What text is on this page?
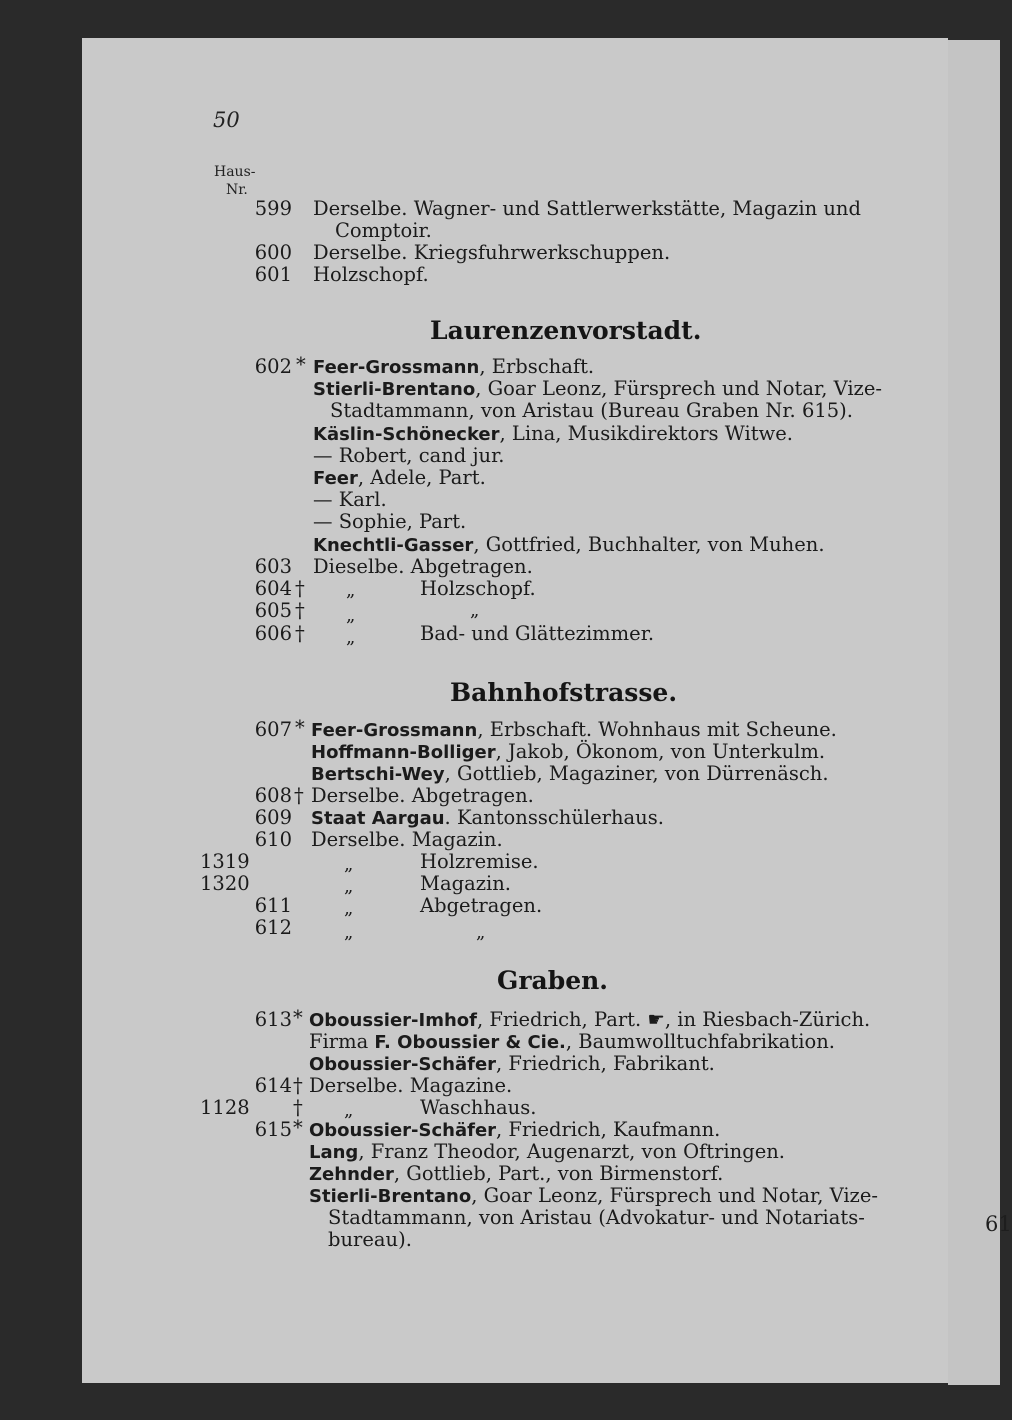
61
50
Haus-
Nr.
599 Derselbe. Wagner- und Sattlerwerkstätte, Magazin und
Comptoir.
600 Derselbe. Kriegsfuhrwerkschuppen.
601 Holzschopf.
Laurenzenvorstadt.
602 * Feer-Grossmann, Erbschaft.
Stierli-Brentano, Goar Leonz, Fürsprech und Notar, Vize-
Stadtammann, von Aristau (Bureau Graben Nr. 615).
Käslin-Schönecker, Lina, Musikdirektors Witwe.
— Robert, cand jur.
Feer, Adele, Part.
— Karl.
— Sophie, Part.
Knechtli-Gasser, Gottfried, Buchhalter, von Muhen.
603 Dieselbe. Abgetragen.
604 † „	Holzschopf.
605 † „	„
606 † „	Bad- und Glättezimmer.
Bahnhofstrasse.
607 * Feer-Grossmann, Erbschaft. Wohnhaus mit Scheune.
Hoffmann-Bolliger, Jakob, Ökonom, von Unterkulm.
Bertschi-Wey, Gottlieb, Magaziner, von Dürrenäsch.
608 † Derselbe. Abgetragen.
609 Staat Aargau. Kantonsschülerhaus.
610 Derselbe. Magazin.
1319	„	Holzremise.
1320	„	Magazin.
611	„	Abgetragen.
612	„	„
Graben.
613 * Oboussier-Imhof, Friedrich, Part. ☛, in Riesbach-Zürich.
Firma F. Oboussier & Cie., Baumwolltuchfabrikation.
Oboussier-Schäfer, Friedrich, Fabrikant.
614 † Derselbe. Magazine.
1128 † „	Waschhaus.
615 * Oboussier-Schäfer, Friedrich, Kaufmann.
Lang, Franz Theodor, Augenarzt, von Oftringen.
Zehnder, Gottlieb, Part., von Birmenstorf.
Stierli-Brentano, Goar Leonz, Fürsprech und Notar, Vize-
Stadtammann, von Aristau (Advokatur- und Notariats-
bureau).
